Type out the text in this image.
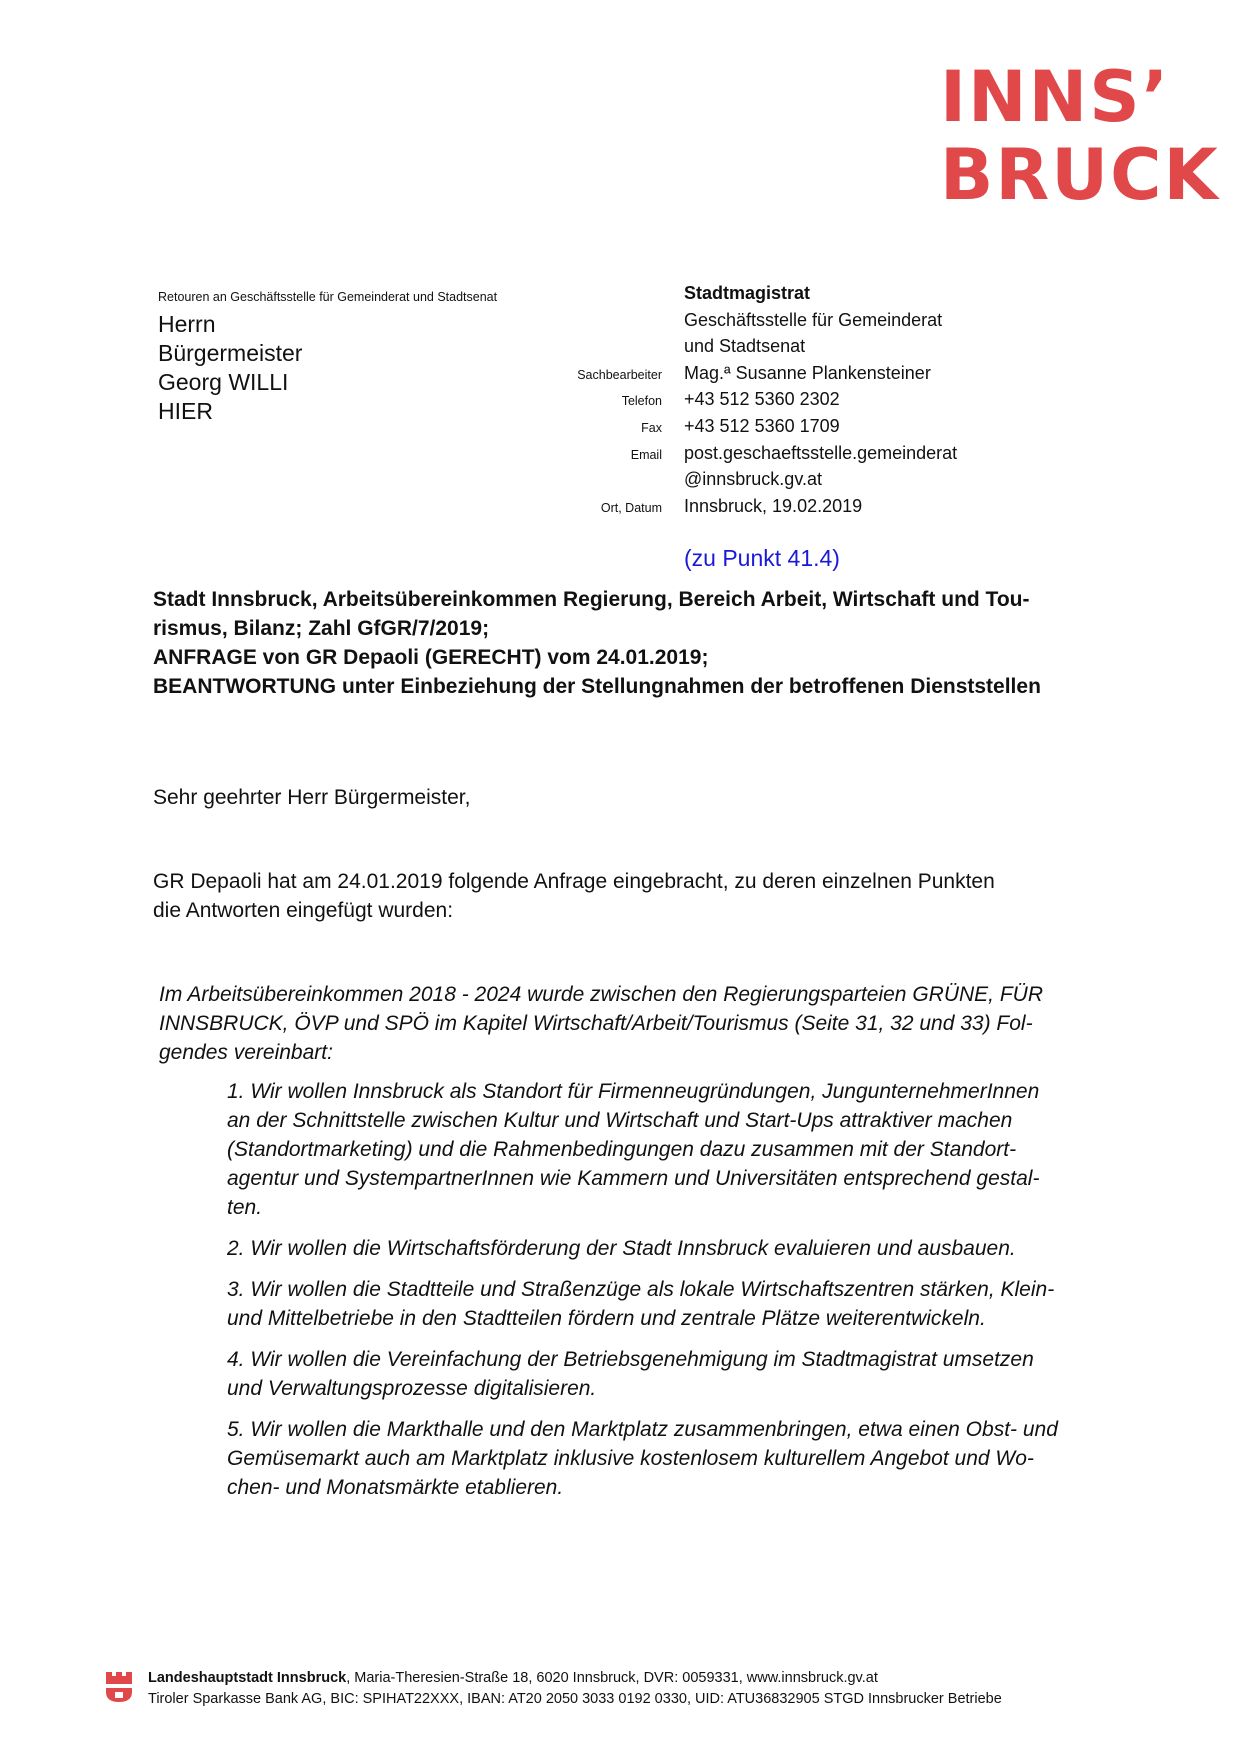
INNS’
BRUCK
Retouren an Geschäftsstelle für Gemeinderat und Stadtsenat
Herrn
Bürgermeister
Georg WILLI
HIER
Stadtmagistrat
Geschäftsstelle für Gemeinderat
und Stadtsenat
Sachbearbeiter	Mag.ª Susanne Plankensteiner
Telefon	+43 512 5360 2302
Fax	+43 512 5360 1709
Email	post.geschaeftsstelle.gemeinderat
@innsbruck.gv.at
Ort, Datum	Innsbruck, 19.02.2019
(zu Punkt 41.4)
Stadt Innsbruck, Arbeitsübereinkommen Regierung, Bereich Arbeit, Wirtschaft und Tou-
rismus, Bilanz; Zahl GfGR/7/2019;
ANFRAGE von GR Depaoli (GERECHT) vom 24.01.2019;
BEANTWORTUNG unter Einbeziehung der Stellungnahmen der betroffenen Dienststellen
Sehr geehrter Herr Bürgermeister,
GR Depaoli hat am 24.01.2019 folgende Anfrage eingebracht, zu deren einzelnen Punkten
die Antworten eingefügt wurden:
Im Arbeitsübereinkommen 2018 - 2024 wurde zwischen den Regierungsparteien GRÜNE, FÜR
INNSBRUCK, ÖVP und SPÖ im Kapitel Wirtschaft/Arbeit/Tourismus (Seite 31, 32 und 33) Fol-
gendes vereinbart:
1. Wir wollen Innsbruck als Standort für Firmenneugründungen, JungunternehmerInnen
an der Schnittstelle zwischen Kultur und Wirtschaft und Start-Ups attraktiver machen
(Standortmarketing) und die Rahmenbedingungen dazu zusammen mit der Standort-
agentur und SystempartnerInnen wie Kammern und Universitäten entsprechend gestal-
ten.
2. Wir wollen die Wirtschaftsförderung der Stadt Innsbruck evaluieren und ausbauen.
3. Wir wollen die Stadtteile und Straßenzüge als lokale Wirtschaftszentren stärken, Klein-
und Mittelbetriebe in den Stadtteilen fördern und zentrale Plätze weiterentwickeln.
4. Wir wollen die Vereinfachung der Betriebsgenehmigung im Stadtmagistrat umsetzen
und Verwaltungsprozesse digitalisieren.
5. Wir wollen die Markthalle und den Marktplatz zusammenbringen, etwa einen Obst- und
Gemüsemarkt auch am Marktplatz inklusive kostenlosem kulturellem Angebot und Wo-
chen- und Monatsmärkte etablieren.
Landeshauptstadt Innsbruck, Maria-Theresien-Straße 18, 6020 Innsbruck, DVR: 0059331, www.innsbruck.gv.at
Tiroler Sparkasse Bank AG, BIC: SPIHAT22XXX, IBAN: AT20 2050 3033 0192 0330, UID: ATU36832905 STGD Innsbrucker Betriebe
